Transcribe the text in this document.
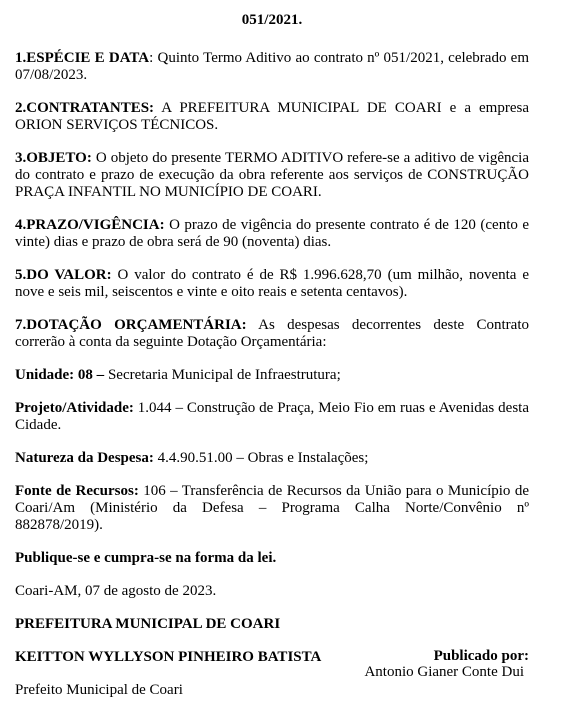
051/2021.

1.ESPÉCIE E DATA: Quinto Termo Aditivo ao contrato nº 051/2021, celebrado em 07/08/2023.

2.CONTRATANTES: A PREFEITURA MUNICIPAL DE COARI e a empresa ORION SERVIÇOS TÉCNICOS.

3.OBJETO: O objeto do presente TERMO ADITIVO refere-se a aditivo de vigência do contrato e prazo de execução da obra referente aos serviços de CONSTRUÇÃO PRAÇA INFANTIL NO MUNICÍPIO DE COARI.

4.PRAZO/VIGÊNCIA: O prazo de vigência do presente contrato é de 120 (cento e vinte) dias e prazo de obra será de 90 (noventa) dias.

5.DO VALOR: O valor do contrato é de R$ 1.996.628,70 (um milhão, noventa e nove e seis mil, seiscentos e vinte e oito reais e setenta centavos).

7.DOTAÇÃO ORÇAMENTÁRIA: As despesas decorrentes deste Contrato correrão à conta da seguinte Dotação Orçamentária:

Unidade: 08 – Secretaria Municipal de Infraestrutura;

Projeto/Atividade: 1.044 – Construção de Praça, Meio Fio em ruas e Avenidas desta Cidade.

Natureza da Despesa: 4.4.90.51.00 – Obras e Instalações;

Fonte de Recursos: 106 – Transferência de Recursos da União para o Município de Coari/Am (Ministério da Defesa – Programa Calha Norte/Convênio nº 882878/2019).

Publique-se e cumpra-se na forma da lei.

Coari-AM, 07 de agosto de 2023.

PREFEITURA MUNICIPAL DE COARI

KEITTON WYLLYSON PINHEIRO BATISTA

Prefeito Municipal de Coari

Publicado por:
Antonio Gianer Conte Dui
